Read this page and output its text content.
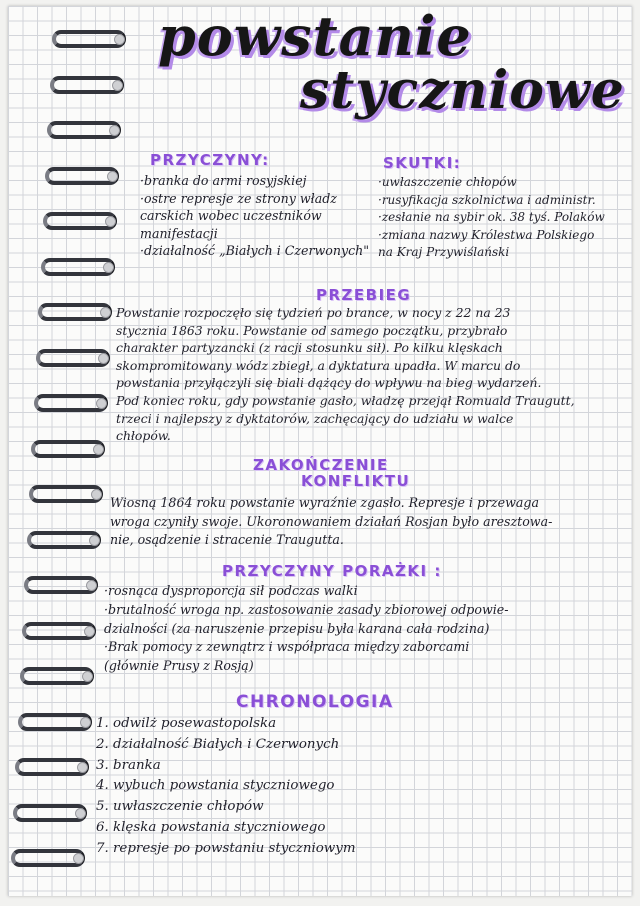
powstanie
styczniowe
PRZYCZYNY:
·branka do armi rosyjskiej
·ostre represje ze strony władz
carskich wobec uczestników
manifestacji
·działalność „Białych i Czerwonych"
SKUTKI:
·uwłaszczenie chłopów
·rusyfikacja szkolnictwa i administr.
·zesłanie na sybir ok. 38 tyś. Polaków
·zmiana nazwy Królestwa Polskiego
na Kraj Przywiślański
PRZEBIEG
Powstanie rozpoczęło się tydzień po brance, w nocy z 22 na 23
stycznia 1863 roku. Powstanie od samego początku, przybrało
charakter partyzancki (z racji stosunku sił). Po kilku klęskach
skompromitowany wódz zbiegł, a dyktatura upadła. W marcu do
powstania przyłączyli się biali dążący do wpływu na bieg wydarzeń.
Pod koniec roku, gdy powstanie gasło, władzę przejął Romuald Traugutt,
trzeci i najlepszy z dyktatorów, zachęcający do udziału w walce
chłopów.
ZAKOŃCZENIE
KONFLIKTU
Wiosną 1864 roku powstanie wyraźnie zgasło. Represje i przewaga
wroga czyniły swoje. Ukoronowaniem działań Rosjan było aresztowa-
nie, osądzenie i stracenie Traugutta.
PRZYCZYNY PORAŻKI :
·rosnąca dysproporcja sił podczas walki
·brutalność wroga np. zastosowanie zasady zbiorowej odpowie-
dzialności (za naruszenie przepisu była karana cała rodzina)
·Brak pomocy z zewnątrz i współpraca między zaborcami
(głównie Prusy z Rosją)
CHRONOLOGIA
1. odwilż posewastopolska
2. działalność Białych i Czerwonych
3. branka
4. wybuch powstania styczniowego
5. uwłaszczenie chłopów
6. klęska powstania styczniowego
7. represje po powstaniu styczniowym
